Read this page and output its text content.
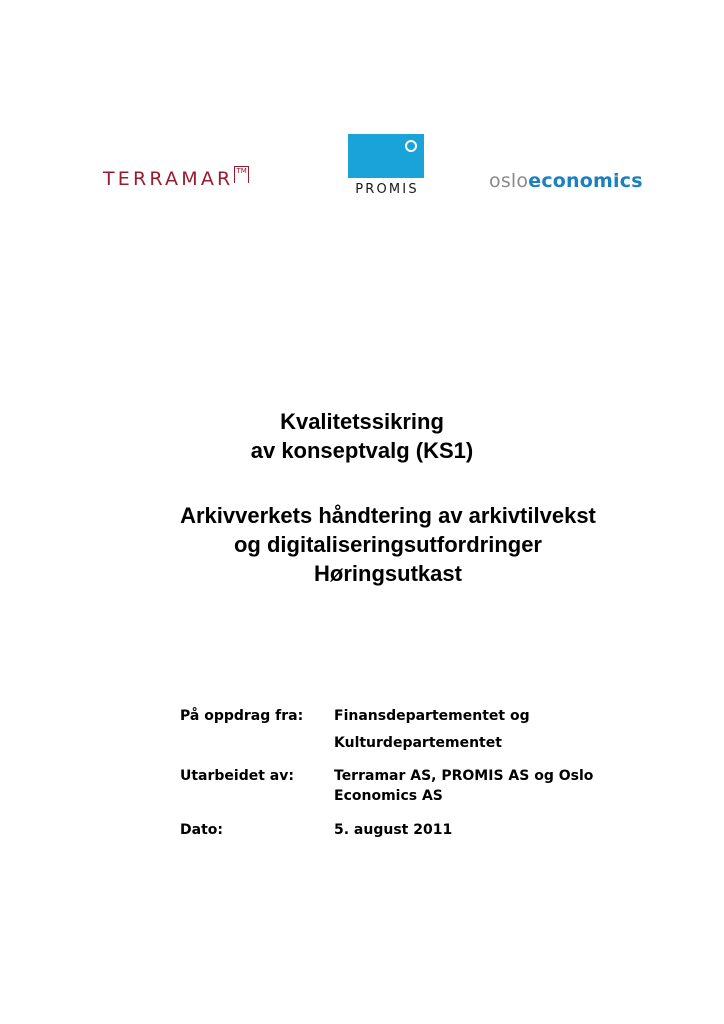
TERRAMAR TM
PROMIS	osloeconomics
Kvalitetssikring
av konseptvalg (KS1)
Arkivverkets håndtering av arkivtilvekst
og digitaliseringsutfordringer
Høringsutkast
På oppdrag fra:	Finansdepartementet og
Kulturdepartementet
Utarbeidet av:	Terramar AS, PROMIS AS og Oslo
Economics AS
Dato:	5. august 2011
